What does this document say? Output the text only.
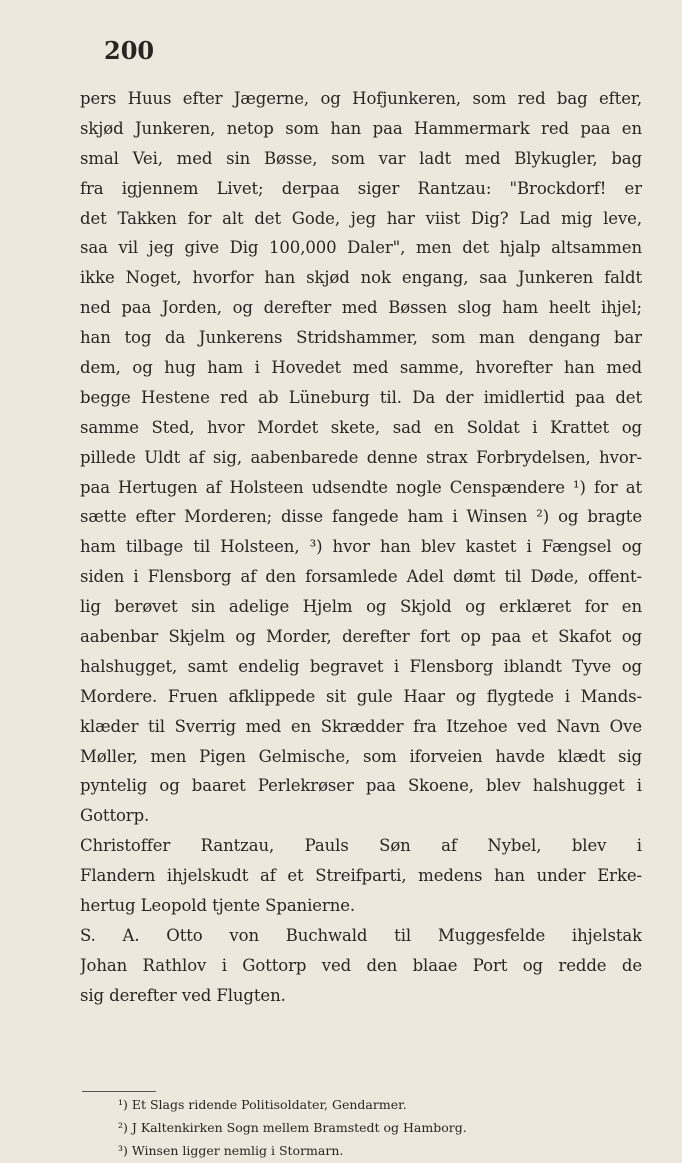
200
pers Huus efter Jægerne, og Hofjunkeren, som red bag efter,
skjød Junkeren, netop som han paa Hammermark red paa en
smal Vei, med sin Bøsse, som var ladt med Blykugler, bag
fra igjennem Livet; derpaa siger Rantzau: "Brockdorf! er
det Takken for alt det Gode, jeg har viist Dig? Lad mig leve,
saa vil jeg give Dig 100,000 Daler", men det hjalp altsammen
ikke Noget, hvorfor han skjød nok engang, saa Junkeren faldt
ned paa Jorden, og derefter med Bøssen slog ham heelt ihjel;
han tog da Junkerens Stridshammer, som man dengang bar
dem, og hug ham i Hovedet med samme, hvorefter han med
begge Hestene red ab Lüneburg til. Da der imidlertid paa det
samme Sted, hvor Mordet skete, sad en Soldat i Krattet og
pillede Uldt af sig, aabenbarede denne strax Forbrydelsen, hvor-
paa Hertugen af Holsteen udsendte nogle Censpændere ¹) for at
sætte efter Morderen; disse fangede ham i Winsen ²) og bragte
ham tilbage til Holsteen, ³) hvor han blev kastet i Fængsel og
siden i Flensborg af den forsamlede Adel dømt til Døde, offent-
lig berøvet sin adelige Hjelm og Skjold og erklæret for en
aabenbar Skjelm og Morder, derefter fort op paa et Skafot og
halshugget, samt endelig begravet i Flensborg iblandt Tyve og
Mordere. Fruen afklippede sit gule Haar og flygtede i Mands-
klæder til Sverrig med en Skrædder fra Itzehoe ved Navn Ove
Møller, men Pigen Gelmische, som iforveien havde klædt sig
pyntelig og baaret Perlekrøser paa Skoene, blev halshugget i
Gottorp.
Christoffer Rantzau, Pauls Søn af Nybel, blev i
Flandern ihjelskudt af et Streifparti, medens han under Erke-
hertug Leopold tjente Spanierne.
S. A. Otto von Buchwald til Muggesfelde ihjelstak
Johan Rathlov i Gottorp ved den blaae Port og redde de
sig derefter ved Flugten.
¹) Et Slags ridende Politisoldater, Gendarmer.
²) J Kaltenkirken Sogn mellem Bramstedt og Hamborg.
³) Winsen ligger nemlig i Stormarn.
